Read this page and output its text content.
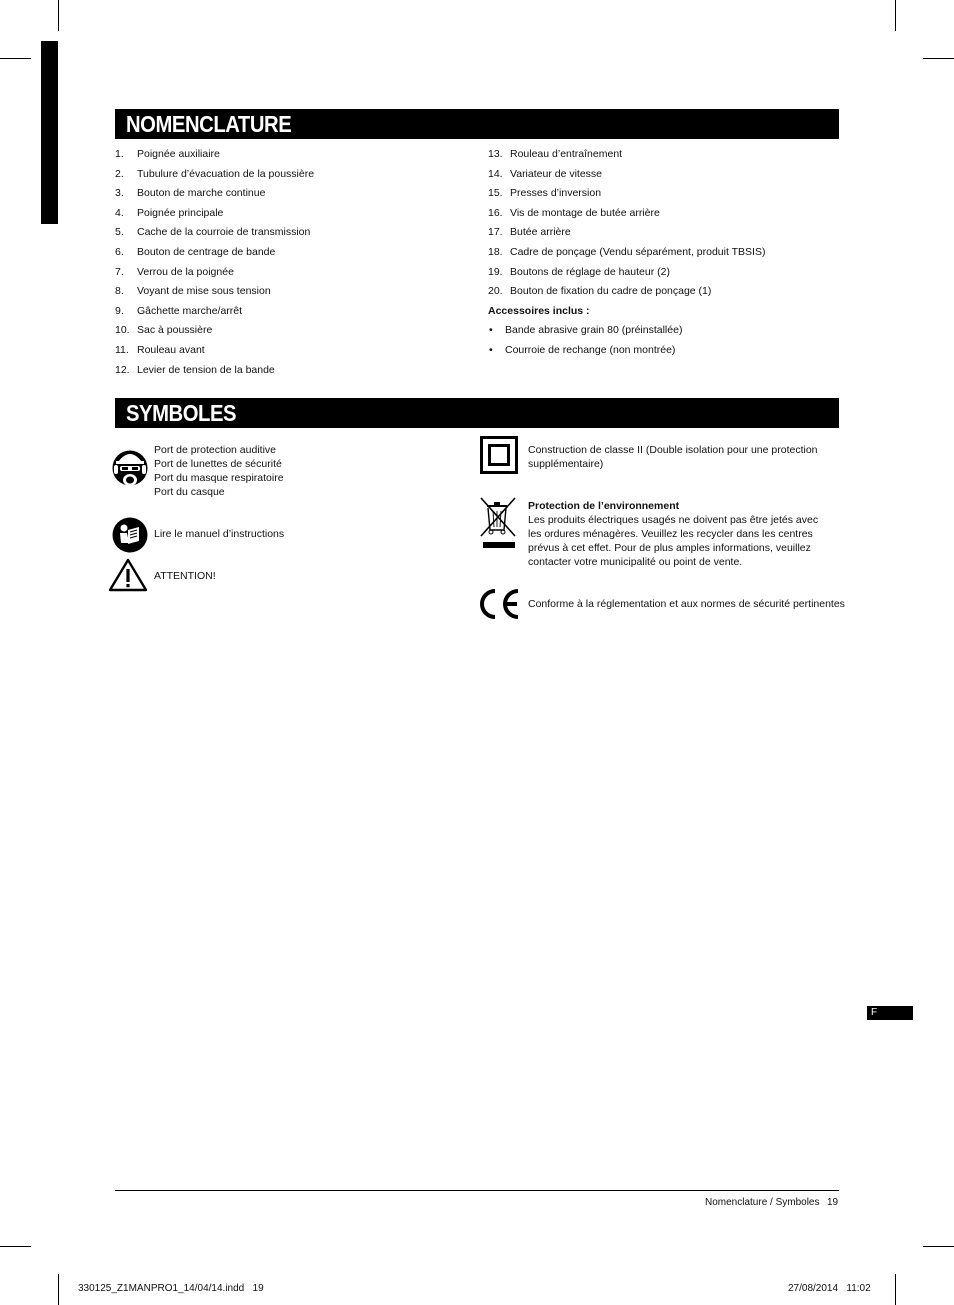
NOMENCLATURE
1. Poignée auxiliaire
2. Tubulure d’évacuation de la poussière
3. Bouton de marche continue
4. Poignée principale
5. Cache de la courroie de transmission
6. Bouton de centrage de bande
7. Verrou de la poignée
8. Voyant de mise sous tension
9. Gâchette marche/arrêt
10. Sac à poussière
11. Rouleau avant
12. Levier de tension de la bande
13. Rouleau d’entraînement
14. Variateur de vitesse
15. Presses d’inversion
16. Vis de montage de butée arrière
17. Butée arrière
18. Cadre de ponçage (Vendu séparément, produit TBSIS)
19. Boutons de réglage de hauteur (2)
20. Bouton de fixation du cadre de ponçage (1)
Accessoires inclus :
• Bande abrasive grain 80 (préinstallée)
• Courroie de rechange (non montrée)
SYMBOLES
Port de protection auditive
Port de lunettes de sécurité
Port du masque respiratoire
Port du casque
Lire le manuel d’instructions
ATTENTION!
Construction de classe II (Double isolation pour une protection supplémentaire)
Protection de l’environnement
Les produits électriques usagés ne doivent pas être jetés avec les ordures ménagères. Veuillez les recycler dans les centres prévus à cet effet. Pour de plus amples informations, veuillez contacter votre municipalité ou point de vente.
Conforme à la réglementation et aux normes de sécurité pertinentes
F
Nomenclature / Symboles 19
330125_Z1MANPRO1_14/04/14.indd   19	27/08/2014   11:02
